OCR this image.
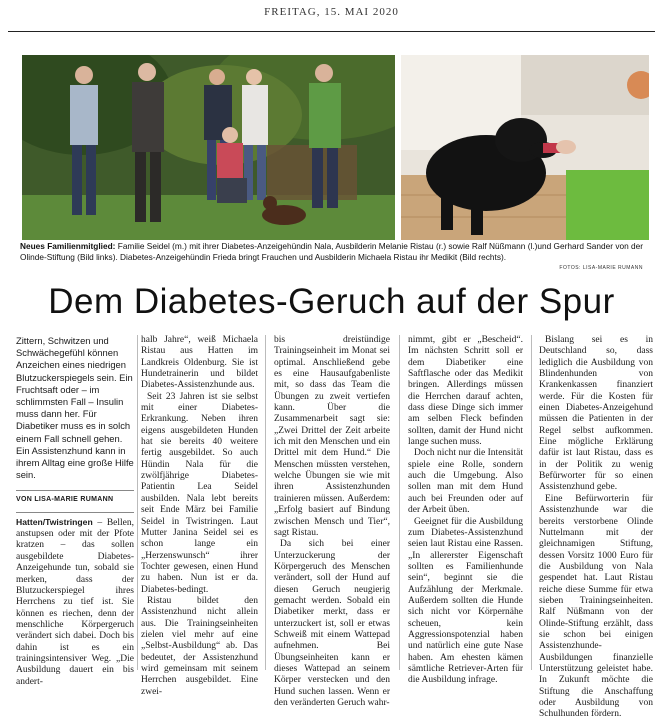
FREITAG, 15. MAI 2020
Neues Familienmitglied: Familie Seidel (m.) mit ihrer Diabetes-Anzeigehündin Nala, Ausbilderin Melanie Ristau (r.) sowie Ralf Nüßmann (l.)und Gerhard Sander von der Olinde-Stiftung (Bild links). Diabetes-Anzeigehündin Frieda bringt Frauchen und Ausbilderin Michaela Ristau ihr Medikit (Bild rechts).
FOTOS: LISA-MARIE RUMANN
Dem Diabetes-Geruch auf der Spur

Zittern, Schwitzen und Schwächegefühl können Anzeichen eines niedrigen Blutzuckerspiegels sein. Ein Fruchtsaft oder – im schlimmsten Fall – Insulin muss dann her. Für Diabetiker muss es in solch einem Fall schnell gehen. Ein Assistenzhund kann in ihrem Alltag eine große Hilfe sein.

VON LISA-MARIE RUMANN

Hatten/Twistringen – Bellen, anstupsen oder mit der Pfote kratzen – das sollen ausgebildete Diabetes-Anzeigehunde tun, sobald sie merken, dass der Blutzuckerspiegel ihres Herrchens zu tief ist. Sie können es riechen, denn der menschliche Körpergeruch verändert sich dabei. Doch bis dahin ist es ein trainingsintensiver Weg. „Die Ausbildung dauert ein bis andert-

halb Jahre“, weiß Michaela Ristau aus Hatten im Landkreis Oldenburg. Sie ist Hundetrainerin und bildet Diabetes-Assistenzhunde aus.

Seit 23 Jahren ist sie selbst mit einer Diabetes-Erkrankung. Neben ihren eigens ausgebildeten Hunden hat sie bereits 40 weitere fertig ausgebildet. So auch Hündin Nala für die zwölfjährige Diabetes-Patientin Lea Seidel ausbilden. Nala lebt bereits seit Ende März bei Familie Seidel in Twistringen. Laut Mutter Janina Seidel sei es schon lange ein „Herzenswunsch“ ihrer Tochter gewesen, einen Hund zu haben. Nun ist er da. Diabetes-bedingt.

Ristau bildet den Assistenzhund nicht allein aus. Die Trainingseinheiten zielen viel mehr auf eine „Selbst-Ausbildung“ ab. Das bedeutet, der Assistenzhund wird gemeinsam mit seinem Herrchen ausgebildet. Eine zwei-

bis dreistündige Trainingseinheit im Monat sei optimal. Anschließend gebe es eine Hausaufgabenliste mit, so dass das Team die Übungen zu zweit vertiefen kann. Über die Zusammenarbeit sagt sie: „Zwei Drittel der Zeit arbeite ich mit den Menschen und ein Drittel mit dem Hund.“ Die Menschen müssten verstehen, welche Übungen sie wie mit ihren Assistenzhunden trainieren müssen. Außerdem: „Erfolg basiert auf Bindung zwischen Mensch und Tier“, sagt Ristau.

Da sich bei einer Unterzuckerung der Körpergeruch des Menschen verändert, soll der Hund auf diesen Geruch neugierig gemacht werden. Sobald ein Diabetiker merkt, dass er unterzuckert ist, soll er etwas Schweiß mit einem Wattepad aufnehmen. Bei Übungseinheiten kann er dieses Wattepad an seinem Körper verstecken und den Hund suchen lassen. Wenn er den veränderten Geruch wahr-

nimmt, gibt er „Bescheid“. Im nächsten Schritt soll er dem Diabetiker eine Saftflasche oder das Medikit bringen. Allerdings müssen die Herrchen darauf achten, dass diese Dinge sich immer am selben Fleck befinden sollten, damit der Hund nicht lange suchen muss.

Doch nicht nur die Intensität spiele eine Rolle, sondern auch die Umgebung. Also sollen man mit dem Hund auch bei Freunden oder auf der Arbeit üben.

Geeignet für die Ausbildung zum Diabetes-Assistenzhund seien laut Ristau eine Rassen. „In allererster Eigenschaft sollten es Familienhunde sein“, beginnt sie die Aufzählung der Merkmale. Außerdem sollten die Hunde sich nicht vor Körpernähe scheuen, kein Aggressionspotenzial haben und natürlich eine gute Nase haben. Am ehesten kämen sämtliche Retriever-Arten für die Ausbildung infrage.

Bislang sei es in Deutschland so, dass lediglich die Ausbildung von Blindenhunden von Krankenkassen finanziert werde. Für die Kosten für einen Diabetes-Anzeigehund müssen die Patienten in der Regel selbst aufkommen. Eine mögliche Erklärung dafür ist laut Ristau, dass es in der Politik zu wenig Befürworter für so einen Assistenzhund gebe.

Eine Befürworterin für Assistenzhunde war die bereits verstorbene Olinde Nuttelmann mit der gleichnamigen Stiftung, dessen Vorsitz 1000 Euro für die Ausbildung von Nala gespendet hat. Laut Ristau reiche diese Summe für etwa sieben Trainingseinheiten. Ralf Nüßmann von der Olinde-Stiftung erzählt, dass sie schon bei einigen Assistenzhunde-Ausbildungen finanzielle Unterstützung geleistet habe. In Zukunft möchte die Stiftung die Anschaffung oder Ausbildung von Schulhunden fördern.
